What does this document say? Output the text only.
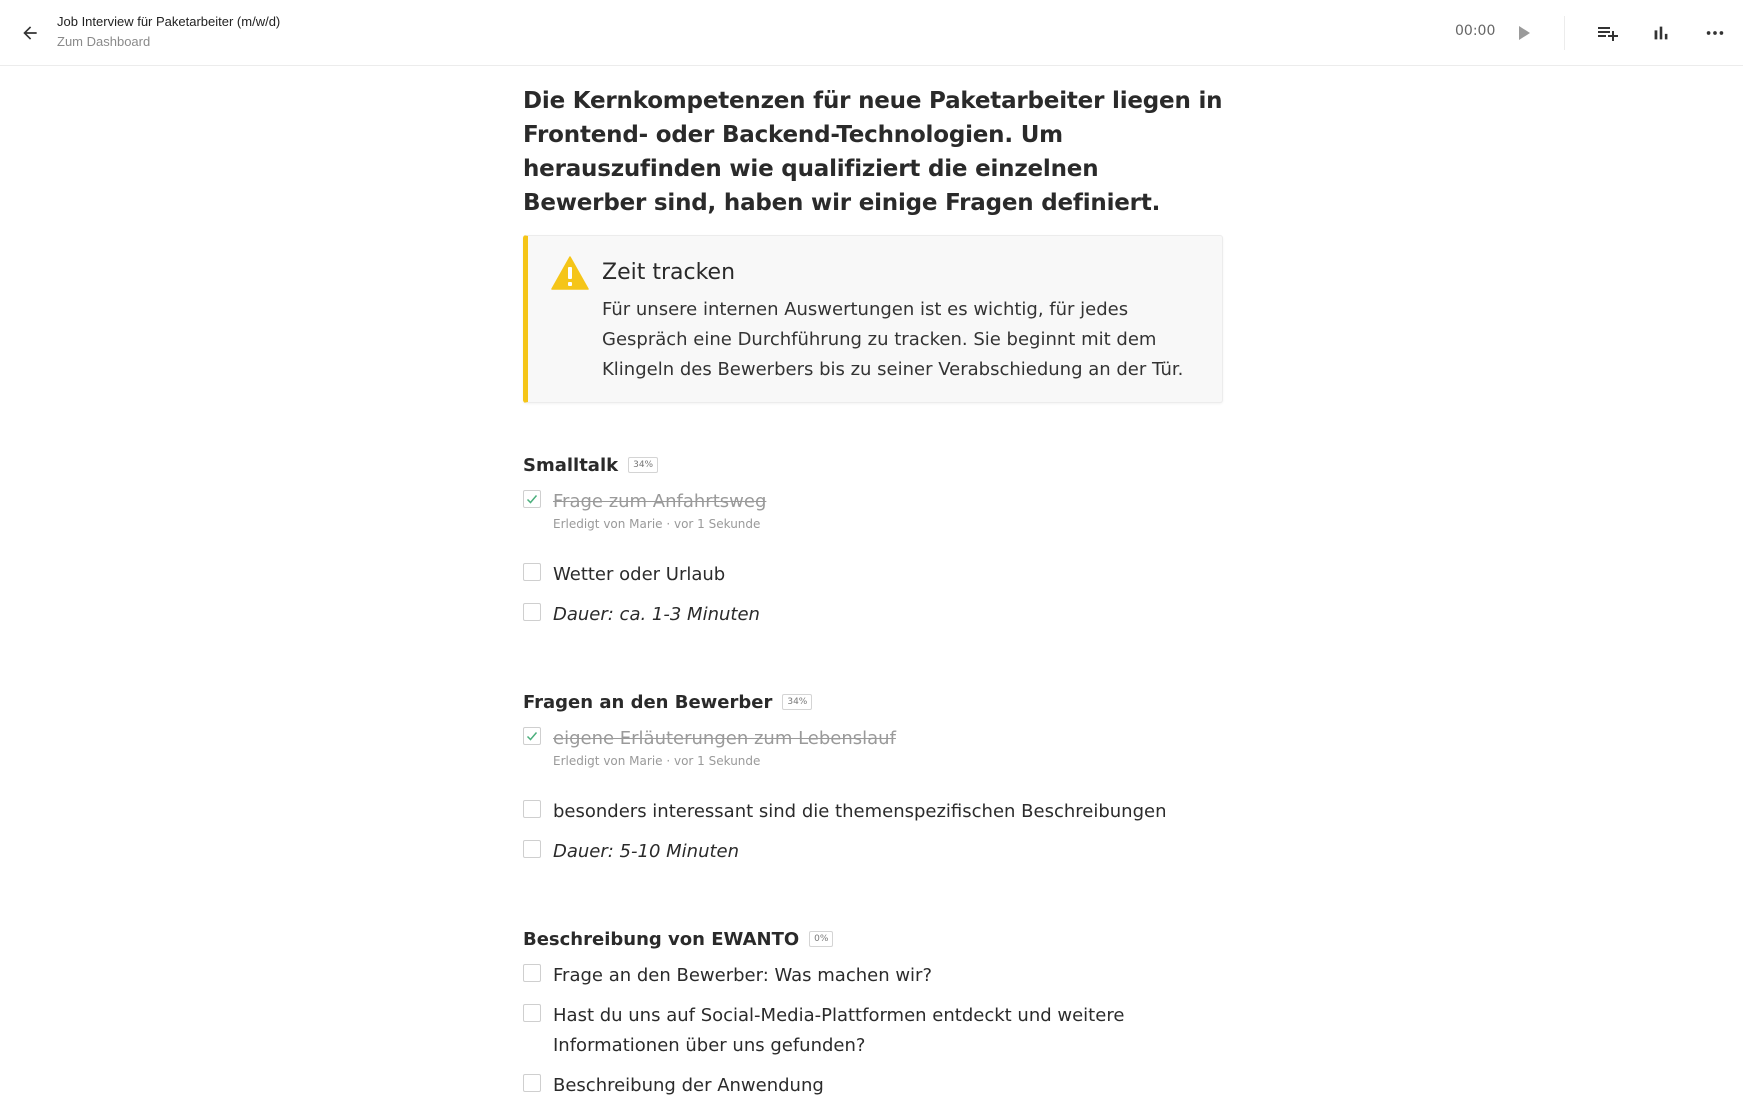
Job Interview für Paketarbeiter (m/w/d)
Zum Dashboard
00:00
Die Kernkompetenzen für neue Paketarbeiter liegen in Frontend- oder Backend-Technologien. Um herauszufinden wie qualifiziert die einzelnen Bewerber sind, haben wir einige Fragen definiert.
Zeit tracken
Für unsere internen Auswertungen ist es wichtig, für jedes Gespräch eine Durchführung zu tracken. Sie beginnt mit dem Klingeln des Bewerbers bis zu seiner Verabschiedung an der Tür.
Smalltalk	34%
Frage zum Anfahrtsweg
Erledigt von Marie · vor 1 Sekunde
Wetter oder Urlaub
Dauer: ca. 1-3 Minuten
Fragen an den Bewerber	34%
eigene Erläuterungen zum Lebenslauf
Erledigt von Marie · vor 1 Sekunde
besonders interessant sind die themenspezifischen Beschreibungen
Dauer: 5-10 Minuten
Beschreibung von EWANTO	0%
Frage an den Bewerber: Was machen wir?
Hast du uns auf Social-Media-Plattformen entdeckt und weitere Informationen über uns gefunden?
Beschreibung der Anwendung
